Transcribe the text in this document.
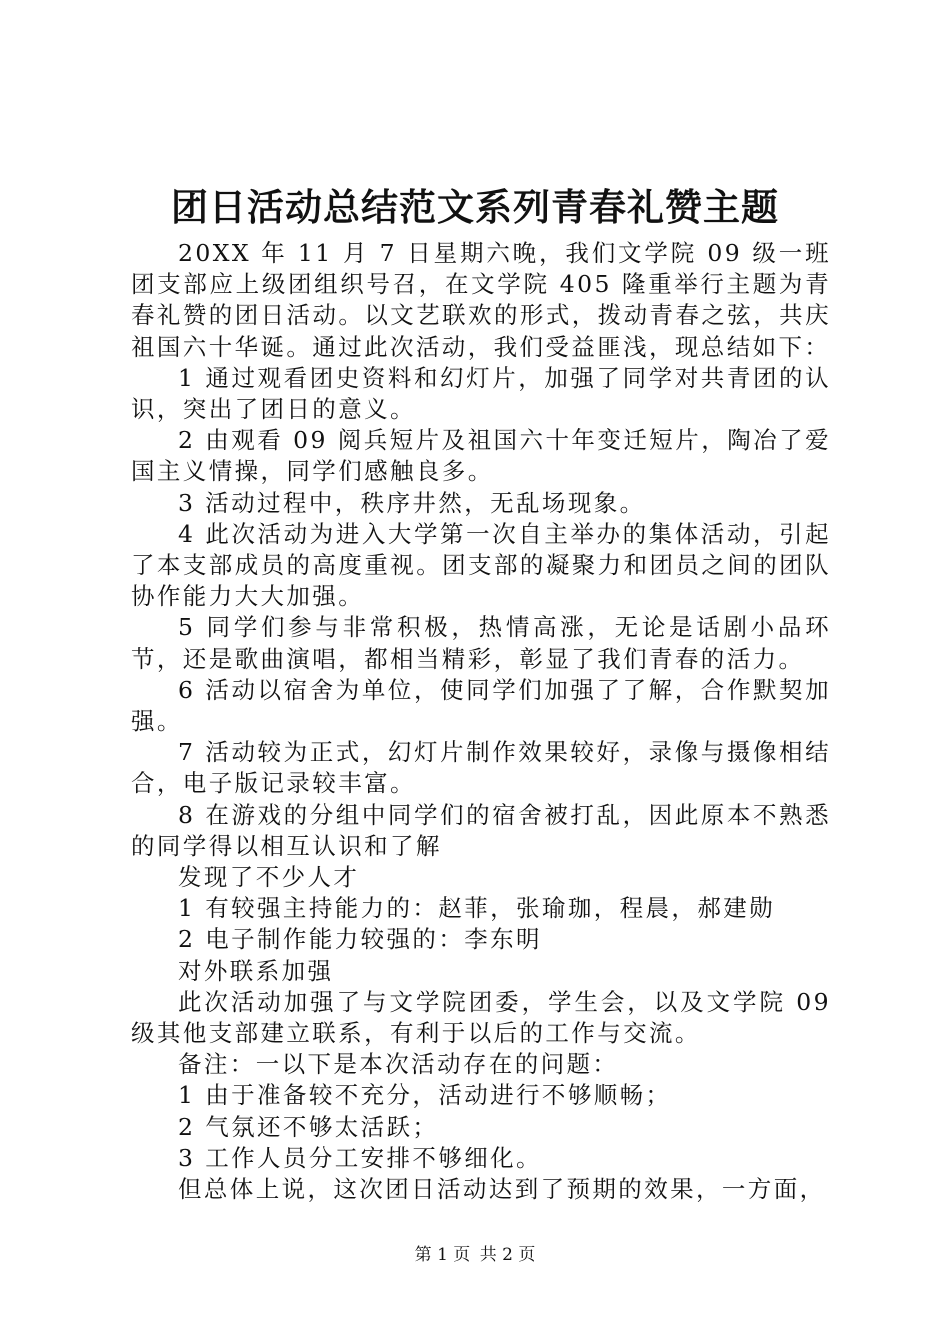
团日活动总结范文系列青春礼赞主题

20XX 年 11 月 7 日星期六晚，我们文学院 09 级一班团支部应上级团组织号召，在文学院 405 隆重举行主题为青春礼赞的团日活动。以文艺联欢的形式，拨动青春之弦，共庆祖国六十华诞。通过此次活动，我们受益匪浅，现总结如下：

1 通过观看团史资料和幻灯片，加强了同学对共青团的认识，突出了团日的意义。

2 由观看 09 阅兵短片及祖国六十年变迁短片，陶冶了爱国主义情操，同学们感触良多。

3 活动过程中，秩序井然，无乱场现象。

4 此次活动为进入大学第一次自主举办的集体活动，引起了本支部成员的高度重视。团支部的凝聚力和团员之间的团队协作能力大大加强。

5 同学们参与非常积极，热情高涨，无论是话剧小品环节，还是歌曲演唱，都相当精彩，彰显了我们青春的活力。

6 活动以宿舍为单位，使同学们加强了了解，合作默契加强。

7 活动较为正式，幻灯片制作效果较好，录像与摄像相结合，电子版记录较丰富。

8 在游戏的分组中同学们的宿舍被打乱，因此原本不熟悉的同学得以相互认识和了解

发现了不少人才

1 有较强主持能力的：赵菲，张瑜珈，程晨，郝建勋

2 电子制作能力较强的：李东明

对外联系加强

此次活动加强了与文学院团委，学生会，以及文学院 09 级其他支部建立联系，有利于以后的工作与交流。

备注：一以下是本次活动存在的问题：

1 由于准备较不充分，活动进行不够顺畅；

2 气氛还不够太活跃；

3 工作人员分工安排不够细化。

但总体上说，这次团日活动达到了预期的效果，一方面，

第 1 页 共 2 页
